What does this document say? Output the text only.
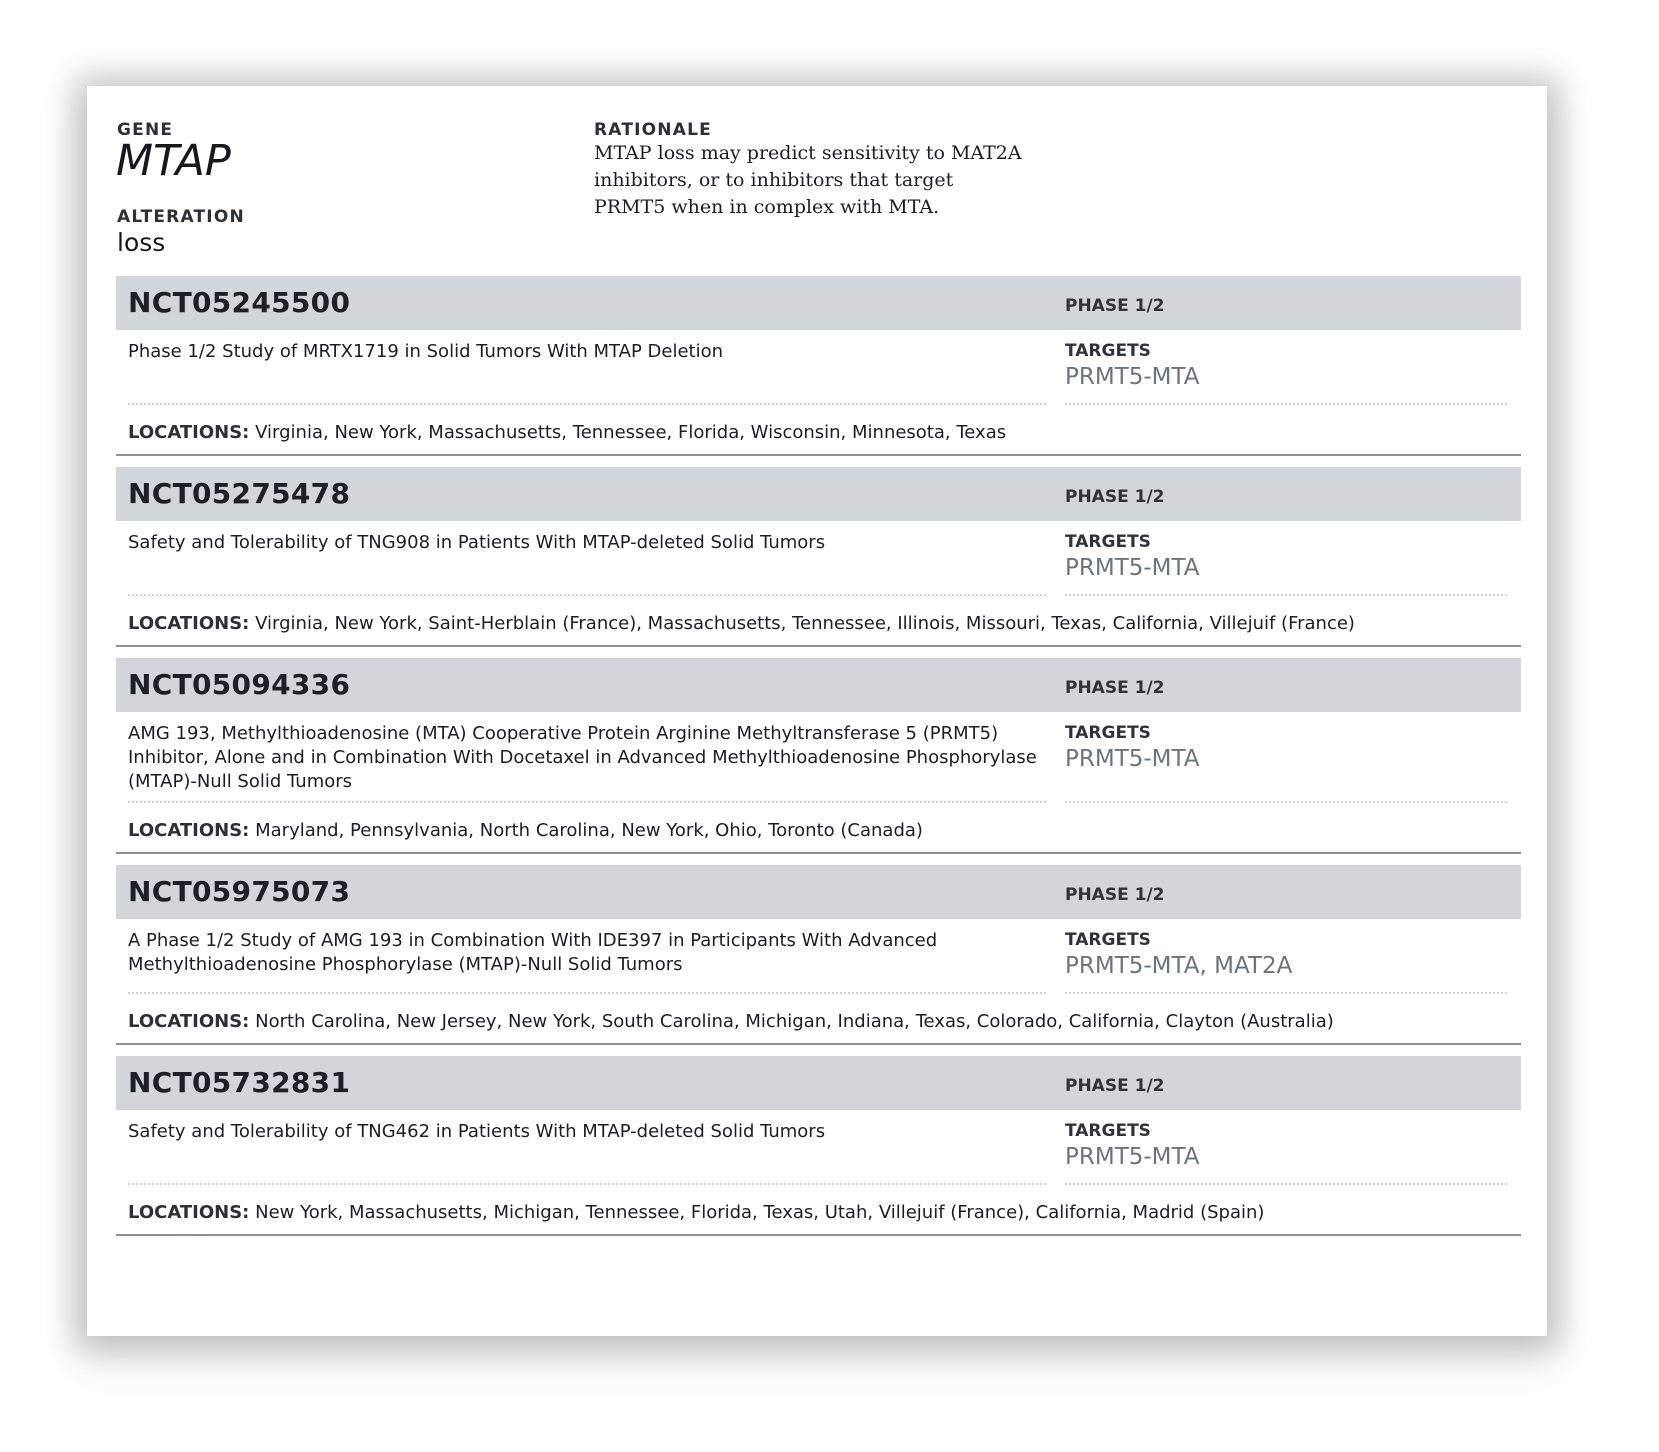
GENE
MTAP
ALTERATION
loss
RATIONALE
MTAP loss may predict sensitivity to MAT2A inhibitors, or to inhibitors that target PRMT5 when in complex with MTA.
NCT05245500	PHASE 1/2
Phase 1/2 Study of MRTX1719 in Solid Tumors With MTAP Deletion	TARGETS
PRMT5-MTA
LOCATIONS: Virginia, New York, Massachusetts, Tennessee, Florida, Wisconsin, Minnesota, Texas
NCT05275478	PHASE 1/2
Safety and Tolerability of TNG908 in Patients With MTAP-deleted Solid Tumors	TARGETS
PRMT5-MTA
LOCATIONS: Virginia, New York, Saint-Herblain (France), Massachusetts, Tennessee, Illinois, Missouri, Texas, California, Villejuif (France)
NCT05094336	PHASE 1/2
AMG 193, Methylthioadenosine (MTA) Cooperative Protein Arginine Methyltransferase 5 (PRMT5) Inhibitor, Alone and in Combination With Docetaxel in Advanced Methylthioadenosine Phosphorylase (MTAP)-Null Solid Tumors
TARGETS
PRMT5-MTA
LOCATIONS: Maryland, Pennsylvania, North Carolina, New York, Ohio, Toronto (Canada)
NCT05975073	PHASE 1/2
A Phase 1/2 Study of AMG 193 in Combination With IDE397 in Participants With Advanced Methylthioadenosine Phosphorylase (MTAP)-Null Solid Tumors
TARGETS
PRMT5-MTA, MAT2A
LOCATIONS: North Carolina, New Jersey, New York, South Carolina, Michigan, Indiana, Texas, Colorado, California, Clayton (Australia)
NCT05732831	PHASE 1/2
Safety and Tolerability of TNG462 in Patients With MTAP-deleted Solid Tumors	TARGETS
PRMT5-MTA
LOCATIONS: New York, Massachusetts, Michigan, Tennessee, Florida, Texas, Utah, Villejuif (France), California, Madrid (Spain)
